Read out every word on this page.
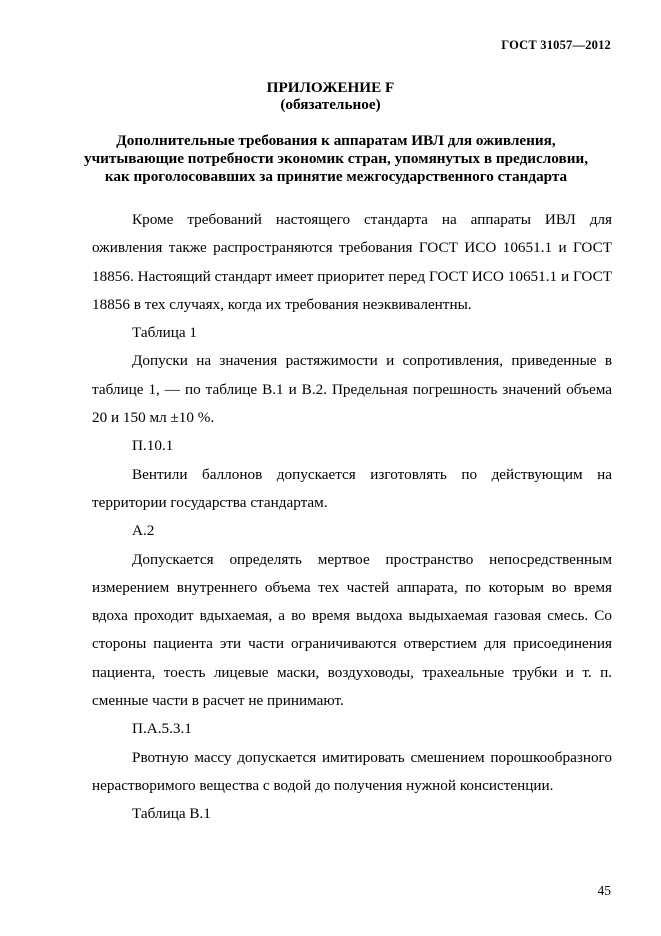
ГОСТ 31057—2012
ПРИЛОЖЕНИЕ F
(обязательное)
Дополнительные требования к аппаратам ИВЛ для оживления,
учитывающие потребности экономик стран, упомянутых в предисловии,
как проголосовавших за принятие межгосударственного стандарта

Кроме требований настоящего стандарта на аппараты ИВЛ для оживления также распространяются требования ГОСТ ИСО 10651.1 и ГОСТ 18856. Настоящий стандарт имеет приоритет перед ГОСТ ИСО 10651.1 и ГОСТ 18856 в тех случаях, когда их требования неэквивалентны.

Таблица 1

Допуски на значения растяжимости и сопротивления, приведенные в таблице 1, — по таблице В.1 и В.2. Предельная погрешность значений объема 20 и 150 мл ±10 %.

П.10.1

Вентили баллонов допускается изготовлять по действующим на территории государства стандартам.

А.2

Допускается определять мертвое пространство непосредственным измерением внутреннего объема тех частей аппарата, по которым во время вдоха проходит вдыхаемая, а во время выдоха выдыхаемая газовая смесь. Со стороны пациента эти части ограничиваются отверстием для присоединения пациента, тоесть лицевые маски, воздуховоды, трахеальные трубки и т. п. сменные части в расчет не принимают.

П.А.5.3.1

Рвотную массу допускается имитировать смешением порошкообразного нерастворимого вещества с водой до получения нужной консистенции.

Таблица В.1

45
